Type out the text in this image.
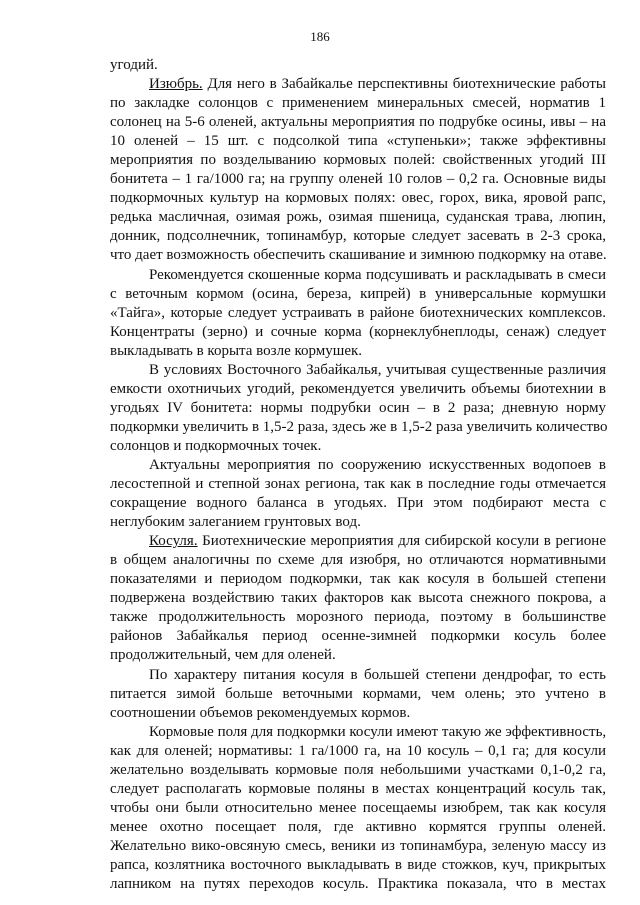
186
угодий.
Изюбрь. Для него в Забайкалье перспективны биотехнические работы
по закладке солонцов с применением минеральных смесей, норматив 1
солонец на 5-6 оленей, актуальны мероприятия по подрубке осины, ивы – на
10 оленей – 15 шт. с подсолкой типа «ступеньки»; также эффективны
мероприятия по возделыванию кормовых полей: свойственных угодий III
бонитета – 1 га/1000 га; на группу оленей 10 голов – 0,2 га. Основные виды
подкормочных культур на кормовых полях: овес, горох, вика, яровой рапс,
редька масличная, озимая рожь, озимая пшеница, суданская трава, люпин,
донник, подсолнечник, топинамбур, которые следует засевать в 2-3 срока,
что дает возможность обеспечить скашивание и зимнюю подкормку на отаве.
Рекомендуется скошенные корма подсушивать и раскладывать в смеси
с веточным кормом (осина, береза, кипрей) в универсальные кормушки
«Тайга», которые следует устраивать в районе биотехнических комплексов.
Концентраты (зерно) и сочные корма (корнеклубнеплоды, сенаж) следует
выкладывать в корыта возле кормушек.
В условиях Восточного Забайкалья, учитывая существенные различия
емкости охотничьих угодий, рекомендуется увеличить объемы биотехнии в
угодьях IV бонитета: нормы подрубки осин – в 2 раза; дневную норму
подкормки увеличить в 1,5-2 раза, здесь же в 1,5-2 раза увеличить количество
солонцов и подкормочных точек.
Актуальны мероприятия по сооружению искусственных водопоев в
лесостепной и степной зонах региона, так как в последние годы отмечается
сокращение водного баланса в угодьях. При этом подбирают места с
неглубоким залеганием грунтовых вод.
Косуля. Биотехнические мероприятия для сибирской косули в регионе
в общем аналогичны по схеме для изюбря, но отличаются нормативными
показателями и периодом подкормки, так как косуля в большей степени
подвержена воздействию таких факторов как высота снежного покрова, а
также продолжительность морозного периода, поэтому в большинстве
районов Забайкалья период осенне-зимней подкормки косуль более
продолжительный, чем для оленей.
По характеру питания косуля в большей степени дендрофаг, то есть
питается зимой больше веточными кормами, чем олень; это учтено в
соотношении объемов рекомендуемых кормов.
Кормовые поля для подкормки косули имеют такую же эффективность,
как для оленей; нормативы: 1 га/1000 га, на 10 косуль – 0,1 га; для косули
желательно возделывать кормовые поля небольшими участками 0,1-0,2 га,
следует располагать кормовые поляны в местах концентраций косуль так,
чтобы они были относительно менее посещаемы изюбрем, так как косуля
менее охотно посещает поля, где активно кормятся группы оленей.
Желательно вико-овсяную смесь, веники из топинамбура, зеленую массу из
рапса, козлятника восточного выкладывать в виде стожков, куч, прикрытых
лапником на путях переходов косуль. Практика показала, что в местах
